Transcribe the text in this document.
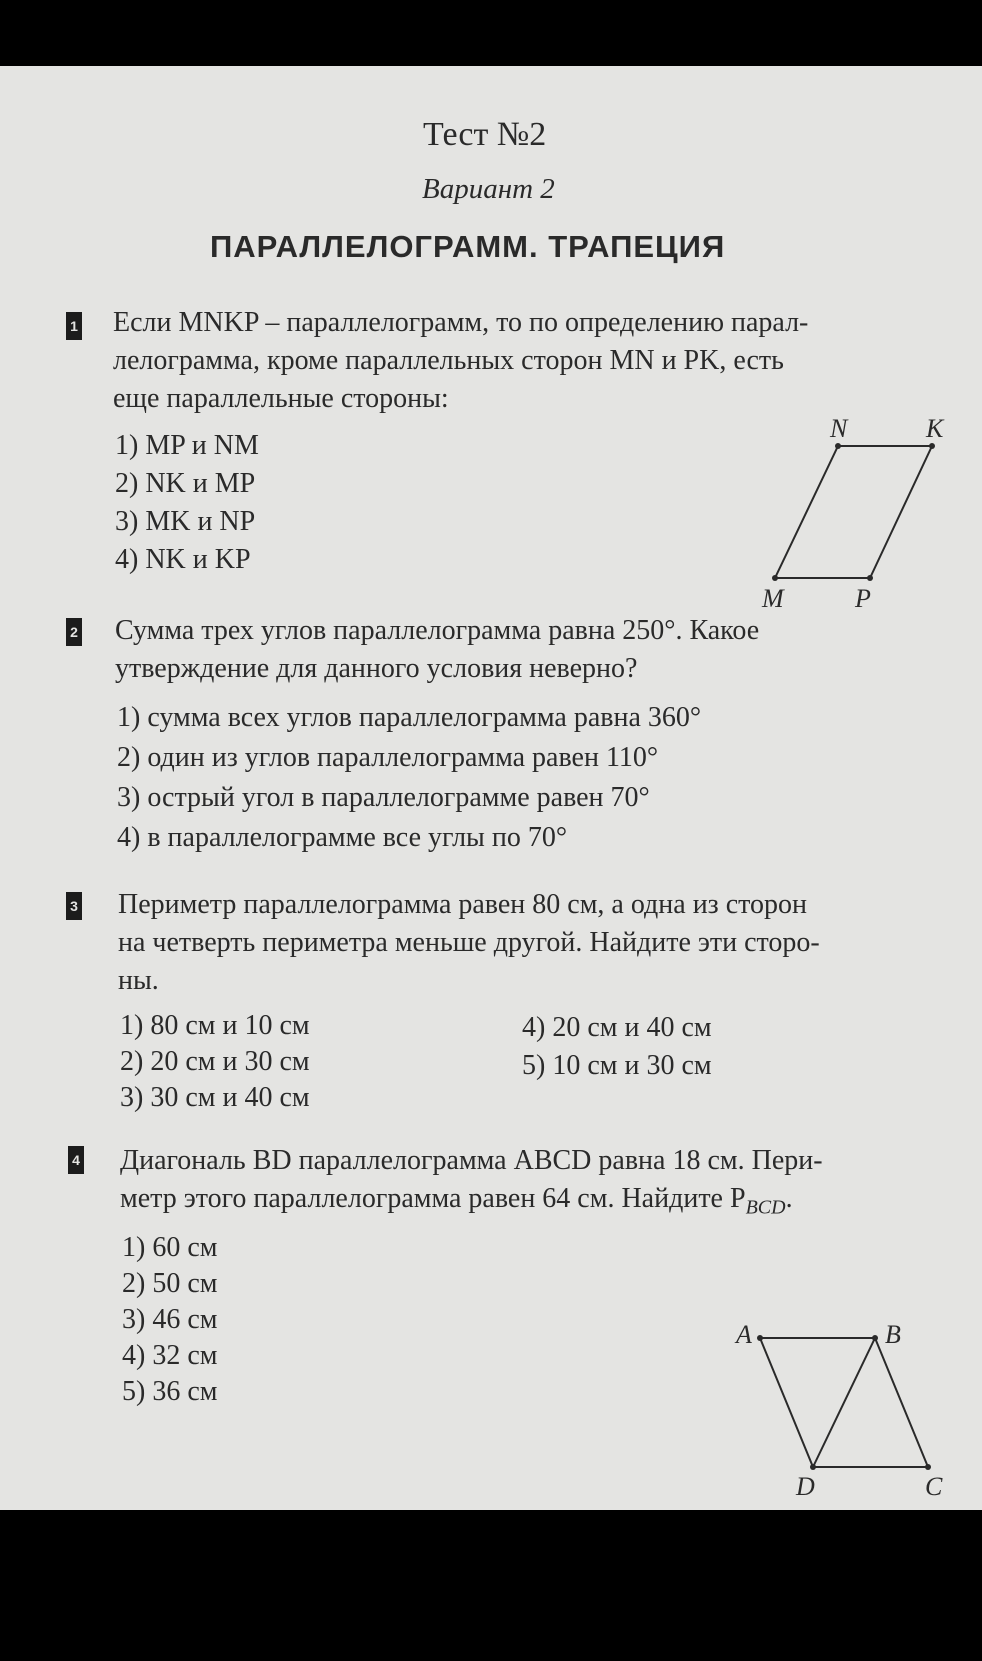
Тест №2
Вариант 2
ПАРАЛЛЕЛОГРАММ. ТРАПЕЦИЯ
1 Если MNKP – параллелограмм, то по определению парал-
лелограмма, кроме параллельных сторон MN и PK, есть
еще параллельные стороны:
1) MP и NM
2) NK и MP
3) MK и NP
4) NK и KP
N	K
M	P
2 Сумма трех углов параллелограмма равна 250°. Какое
утверждение для данного условия неверно?
1) сумма всех углов параллелограмма равна 360°
2) один из углов параллелограмма равен 110°
3) острый угол в параллелограмме равен 70°
4) в параллелограмме все углы по 70°
3 Периметр параллелограмма равен 80 см, а одна из сторон
на четверть периметра меньше другой. Найдите эти сторо-
ны.
1) 80 см и 10 см
2) 20 см и 30 см
3) 30 см и 40 см
4) 20 см и 40 см
5) 10 см и 30 см
4 Диагональ BD параллелограмма ABCD равна 18 см. Пери-
метр этого параллелограмма равен 64 см. Найдите $P_{BCD}$.
1) 60 см
2) 50 см
3) 46 см
4) 32 см
5) 36 см
A	B
D	C
